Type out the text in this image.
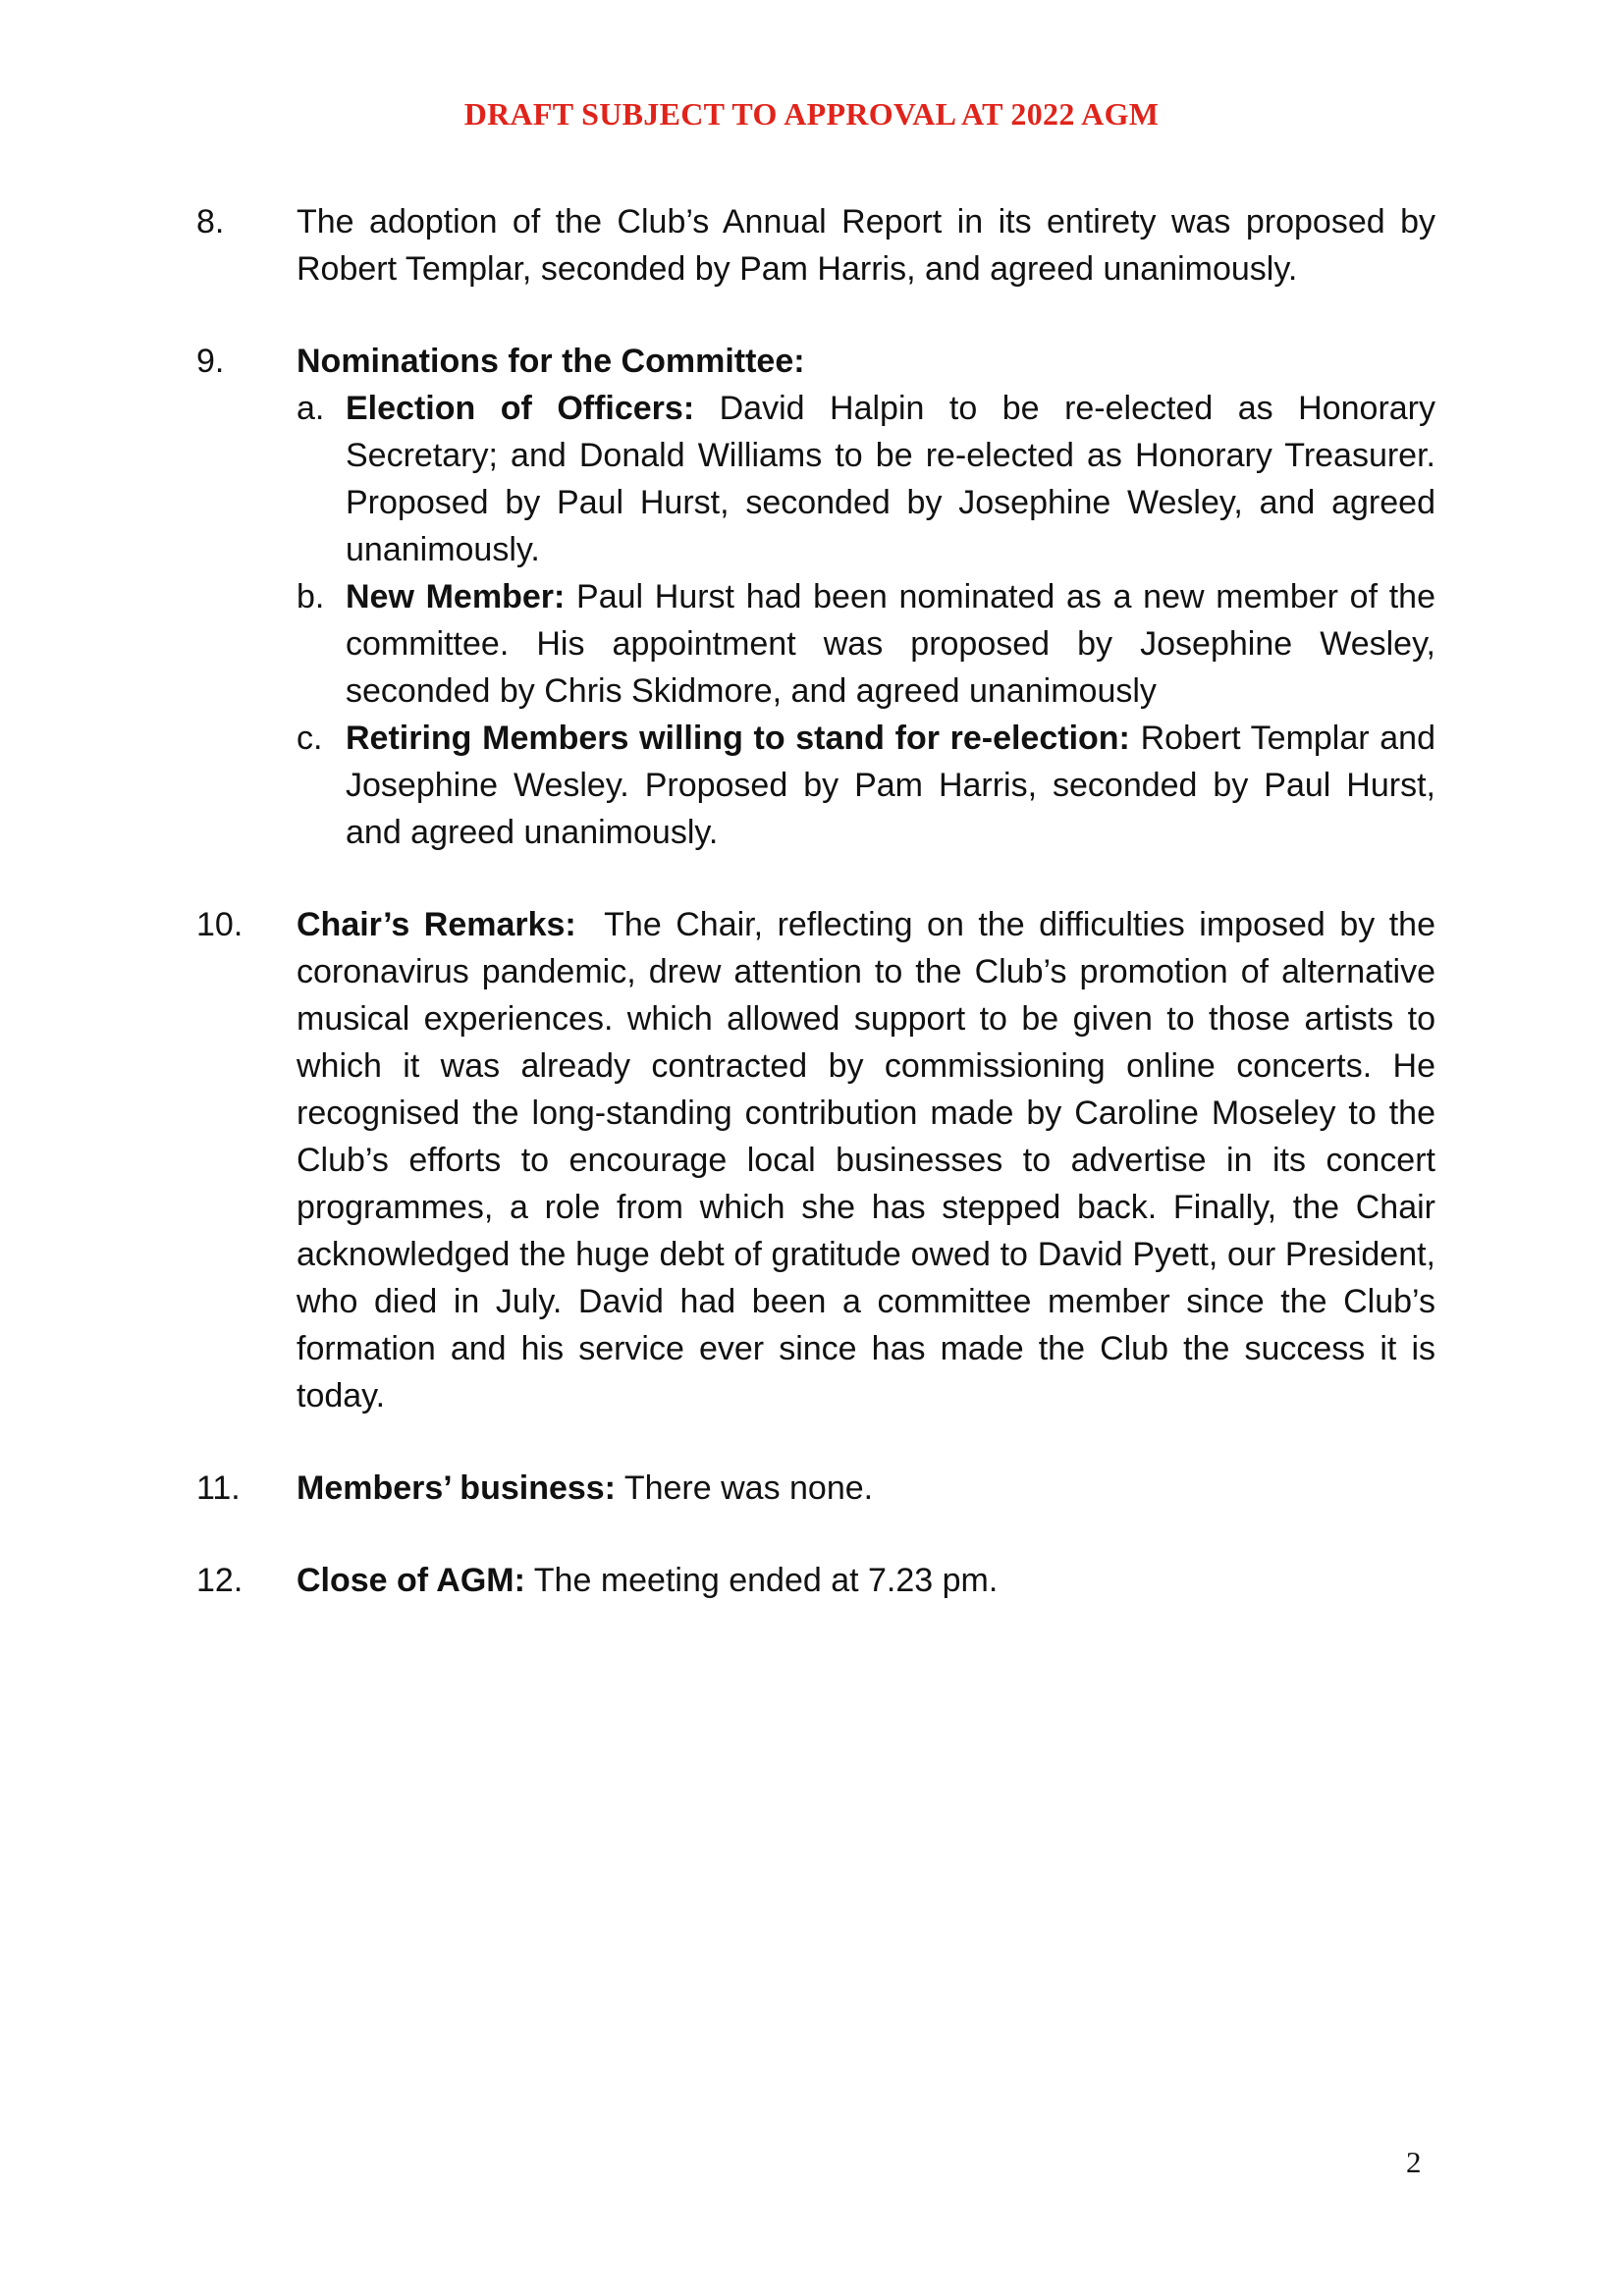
DRAFT SUBJECT TO APPROVAL AT 2022 AGM
8. The adoption of the Club’s Annual Report in its entirety was proposed by Robert Templar, seconded by Pam Harris, and agreed unanimously.
9. Nominations for the Committee:
a. Election of Officers: David Halpin to be re-elected as Honorary Secretary; and Donald Williams to be re-elected as Honorary Treasurer. Proposed by Paul Hurst, seconded by Josephine Wesley, and agreed unanimously.
b. New Member: Paul Hurst had been nominated as a new member of the committee. His appointment was proposed by Josephine Wesley, seconded by Chris Skidmore, and agreed unanimously
c. Retiring Members willing to stand for re-election: Robert Templar and Josephine Wesley. Proposed by Pam Harris, seconded by Paul Hurst, and agreed unanimously.
10. Chair’s Remarks:  The Chair, reflecting on the difficulties imposed by the coronavirus pandemic, drew attention to the Club’s promotion of alternative musical experiences. which allowed support to be given to those artists to which it was already contracted by commissioning online concerts. He recognised the long-standing contribution made by Caroline Moseley to the Club’s efforts to encourage local businesses to advertise in its concert programmes, a role from which she has stepped back. Finally, the Chair acknowledged the huge debt of gratitude owed to David Pyett, our President, who died in July. David had been a committee member since the Club’s formation and his service ever since has made the Club the success it is today.
11. Members’ business: There was none.
12. Close of AGM: The meeting ended at 7.23 pm.
2
